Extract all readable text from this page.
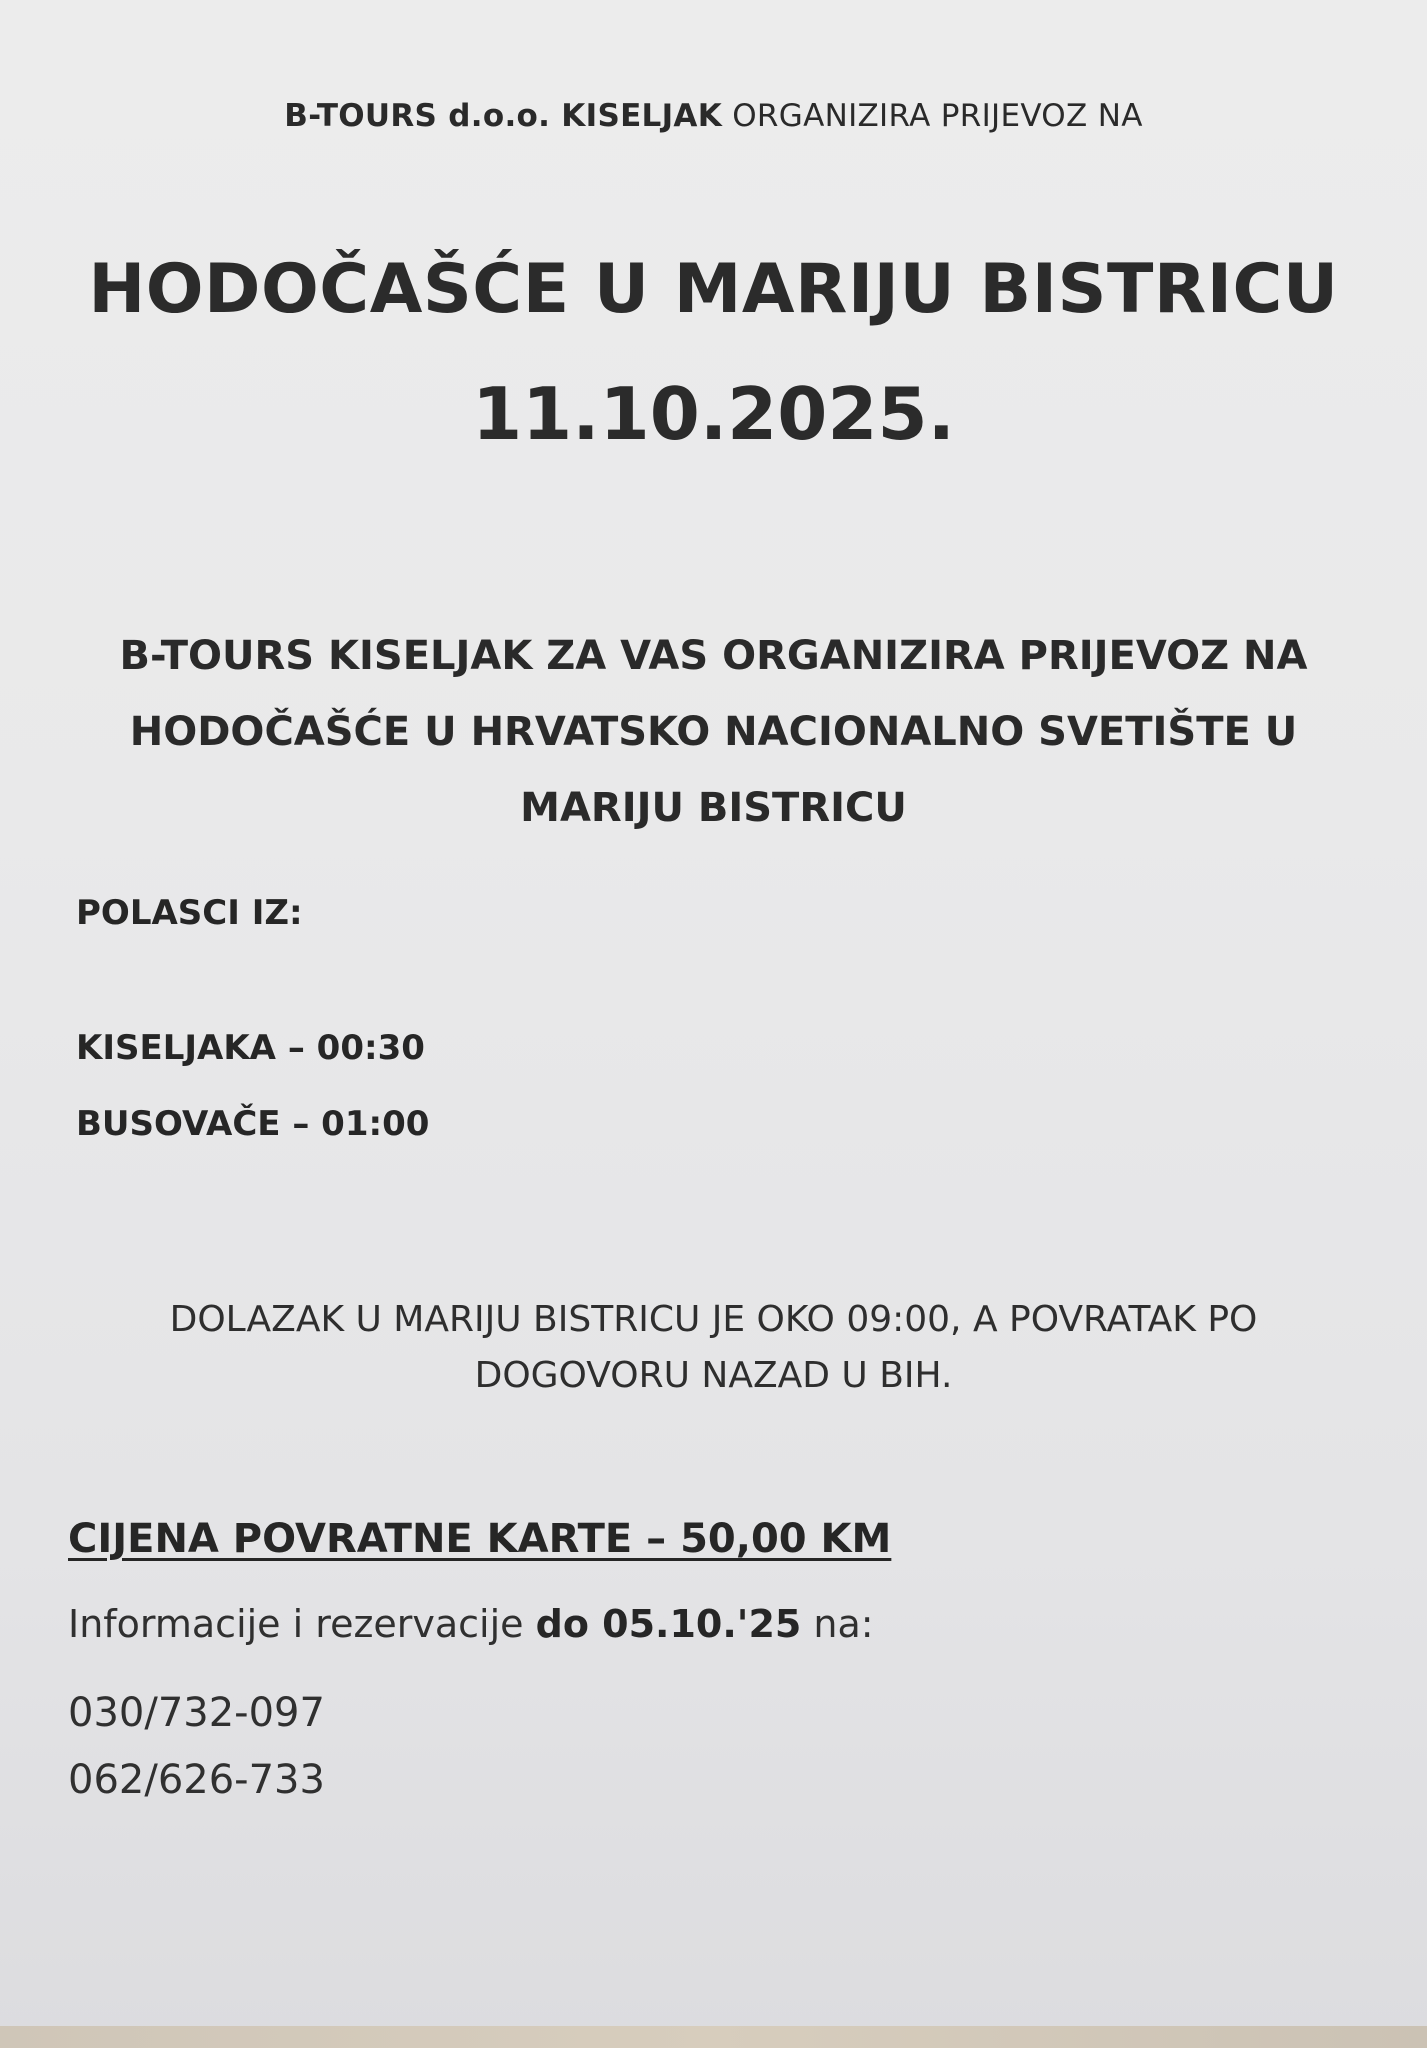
B-TOURS d.o.o. KISELJAK ORGANIZIRA PRIJEVOZ NA

HODOČAŠĆE U MARIJU BISTRICU
11.10.2025.
B-TOURS KISELJAK ZA VAS ORGANIZIRA PRIJEVOZ NA
HODOČAŠĆE U HRVATSKO NACIONALNO SVETIŠTE U
MARIJU BISTRICU

POLASCI IZ:

KISELJAKA – 00:30

BUSOVAČE – 01:00

DOLAZAK U MARIJU BISTRICU JE OKO 09:00, A POVRATAK PO
DOGOVORU NAZAD U BIH.

CIJENA POVRATNE KARTE – 50,00 KM

Informacije i rezervacije do 05.10.'25 na:

030/732-097

062/626-733
